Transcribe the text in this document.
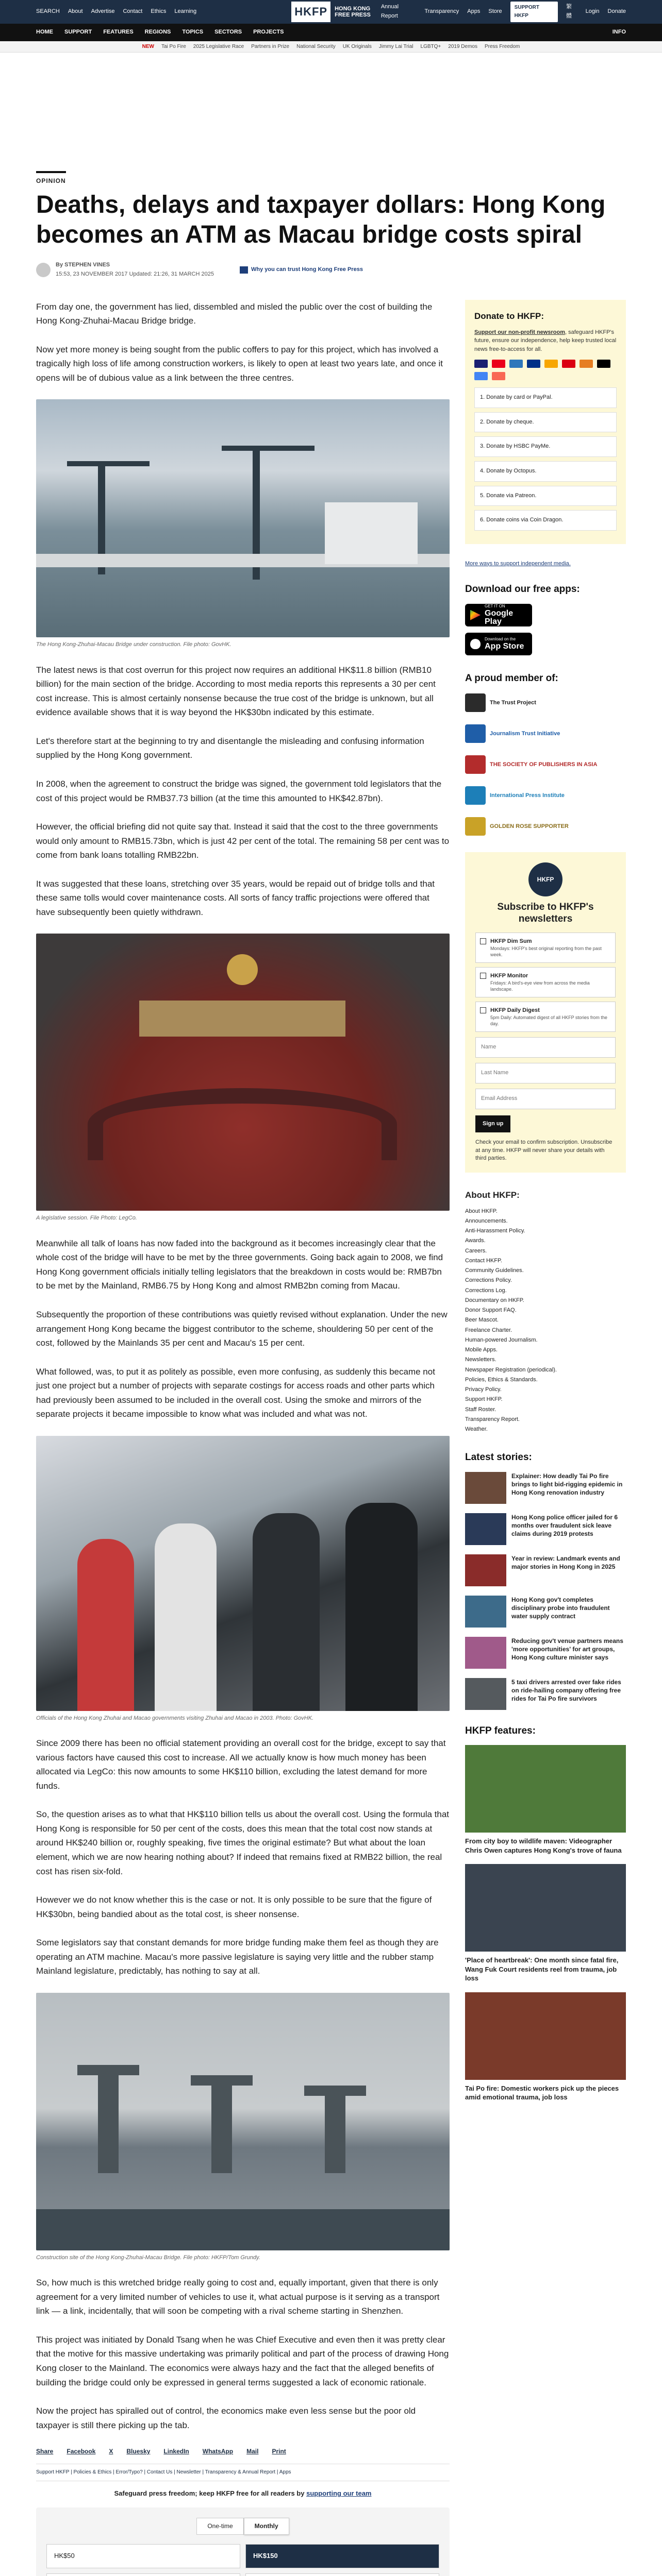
SEARCH About Advertise Contact Ethics Learning	HKFP	HONG KONG
FREE PRESS
Annual Report
Transparency Apps Store
SUPPORT HKFP
繁體
Login Donate
HOME SUPPORT FEATURES REGIONS TOPICS SECTORS PROJECTS	INFO
NEW Tai Po Fire 2025 Legislative Race Partners in Prize National Security UK Originals Jimmy Lai Trial LGBTQ+ 2019 Demos Press Freedom
OPINION
Deaths, delays and taxpayer dollars: Hong Kong becomes an ATM as Macau bridge costs spiral
By STEPHEN VINES
15:53, 23 NOVEMBER 2017 Updated: 21:26, 31 MARCH 2025
Why you can trust Hong Kong Free Press

From day one, the government has lied, dissembled and misled the public over the cost of building the Hong Kong-Zhuhai-Macau Bridge bridge.

Now yet more money is being sought from the public coffers to pay for this project, which has involved a tragically high loss of life among construction workers, is likely to open at least two years late, and once it opens will be of dubious value as a link between the three centres.

The Hong Kong-Zhuhai-Macau Bridge under construction. File photo: GovHK.

The latest news is that cost overrun for this project now requires an additional HK$11.8 billion (RMB10 billion) for the main section of the bridge. According to most media reports this represents a 30 per cent cost increase. This is almost certainly nonsense because the true cost of the bridge is unknown, but all evidence available shows that it is way beyond the HK$30bn indicated by this estimate.

Let's therefore start at the beginning to try and disentangle the misleading and confusing information supplied by the Hong Kong government.

In 2008, when the agreement to construct the bridge was signed, the government told legislators that the cost of this project would be RMB37.73 billion (at the time this amounted to HK$42.87bn).

However, the official briefing did not quite say that. Instead it said that the cost to the three governments would only amount to RMB15.73bn, which is just 42 per cent of the total. The remaining 58 per cent was to come from bank loans totalling RMB22bn.

It was suggested that these loans, stretching over 35 years, would be repaid out of bridge tolls and that these same tolls would cover maintenance costs. All sorts of fancy traffic projections were offered that have subsequently been quietly withdrawn.

A legislative session. File Photo: LegCo.

Meanwhile all talk of loans has now faded into the background as it becomes increasingly clear that the whole cost of the bridge will have to be met by the three governments. Going back again to 2008, we find Hong Kong government officials initially telling legislators that the breakdown in costs would be: RMB7bn to be met by the Mainland, RMB6.75 by Hong Kong and almost RMB2bn coming from Macau.

Subsequently the proportion of these contributions was quietly revised without explanation. Under the new arrangement Hong Kong became the biggest contributor to the scheme, shouldering 50 per cent of the cost, followed by the Mainlands 35 per cent and Macau's 15 per cent.

What followed, was, to put it as politely as possible, even more confusing, as suddenly this became not just one project but a number of projects with separate costings for access roads and other parts which had previously been assumed to be included in the overall cost. Using the smoke and mirrors of the separate projects it became impossible to know what was included and what was not.

Officials of the Hong Kong Zhuhai and Macao governments visiting Zhuhai and Macao in 2003. Photo: GovHK.

Since 2009 there has been no official statement providing an overall cost for the bridge, except to say that various factors have caused this cost to increase. All we actually know is how much money has been allocated via LegCo: this now amounts to some HK$110 billion, excluding the latest demand for more funds.

So, the question arises as to what that HK$110 billion tells us about the overall cost. Using the formula that Hong Kong is responsible for 50 per cent of the costs, does this mean that the total cost now stands at around HK$240 billion or, roughly speaking, five times the original estimate? But what about the loan element, which we are now hearing nothing about? If indeed that remains fixed at RMB22 billion, the real cost has risen six-fold.

However we do not know whether this is the case or not. It is only possible to be sure that the figure of HK$30bn, being bandied about as the total cost, is sheer nonsense.

Some legislators say that constant demands for more bridge funding make them feel as though they are operating an ATM machine. Macau's more passive legislature is saying very little and the rubber stamp Mainland legislature, predictably, has nothing to say at all.

Construction site of the Hong Kong-Zhuhai-Macau Bridge. File photo: HKFP/Tom Grundy.

So, how much is this wretched bridge really going to cost and, equally important, given that there is only agreement for a very limited number of vehicles to use it, what actual purpose is it serving as a transport link — a link, incidentally, that will soon be competing with a rival scheme starting in Shenzhen.

This project was initiated by Donald Tsang when he was Chief Executive and even then it was pretty clear that the motive for this massive undertaking was primarily political and part of the process of drawing Hong Kong closer to the Mainland. The economics were always hazy and the fact that the alleged benefits of building the bridge could only be expressed in general terms suggested a lack of economic rationale.

Now the project has spiralled out of control, the economics make even less sense but the poor old taxpayer is still there picking up the tab.

Share Facebook X Bluesky LinkedIn WhatsApp Mail Print
Support HKFP | Policies & Ethics | Error/Typo? | Contact Us | Newsletter | Transparency & Annual Report | Apps
Safeguard press freedom; keep HKFP free for all readers by supporting our team
One-time	Monthly
HK$50	HK$150
Donate to HKFP:
Support our non-profit newsroom, safeguard HKFP's future, ensure our independence, help keep trusted local news free-to-access for all.
1. Donate by card or PayPal.
2. Donate by cheque.
3. Donate by HSBC PayMe.
4. Donate by Octopus.
5. Donate via Patreon.
6. Donate coins via Coin Dragon.
More ways to support independent media.
Download our free apps:
GET IT ON
Google Play
Download on the
App Store
A proud member of:
The Trust Project
Journalism Trust Initiative
THE SOCIETY OF PUBLISHERS IN ASIA
International Press Institute
GOLDEN ROSE SUPPORTER
HKFP
Subscribe to HKFP's newsletters
HKFP Dim Sum
Mondays: HKFP's best original reporting from the past week.
HKFP Monitor
Fridays: A bird's-eye view from across the media landscape.
HKFP Daily Digest
5pm Daily: Automated digest of all HKFP stories from the day.
Name
Last Name
Email Address
Sign up
Check your email to confirm subscription. Unsubscribe at any time. HKFP will never share your details with third parties.
About HKFP:
About HKFP.
Announcements.
Anti-Harassment Policy.
Awards.
Careers.
Contact HKFP.
Community Guidelines.
Corrections Policy.
Corrections Log.
Documentary on HKFP.
Donor Support FAQ.
Beer Mascot.
Freelance Charter.
Human-powered Journalism.
Mobile Apps.
Newsletters.
Newspaper Registration (periodical).
Policies, Ethics & Standards.
Privacy Policy.
Support HKFP.
Staff Roster.
Transparency Report.
Weather.
Latest stories:
Explainer: How deadly Tai Po fire brings to light bid-rigging epidemic in Hong Kong renovation industry
Hong Kong police officer jailed for 6 months over fraudulent sick leave claims during 2019 protests
Year in review: Landmark events and major stories in Hong Kong in 2025
Hong Kong gov't completes disciplinary probe into fraudulent water supply contract
Reducing gov't venue partners means 'more opportunities' for art groups, Hong Kong culture minister says
5 taxi drivers arrested over fake rides on ride-hailing company offering free rides for Tai Po fire survivors
HKFP features:
From city boy to wildlife maven: Videographer Chris Owen captures Hong Kong's trove of fauna
'Place of heartbreak': One month since fatal fire, Wang Fuk Court residents reel from trauma, job loss
Tai Po fire: Domestic workers pick up the pieces amid emotional trauma, job loss
